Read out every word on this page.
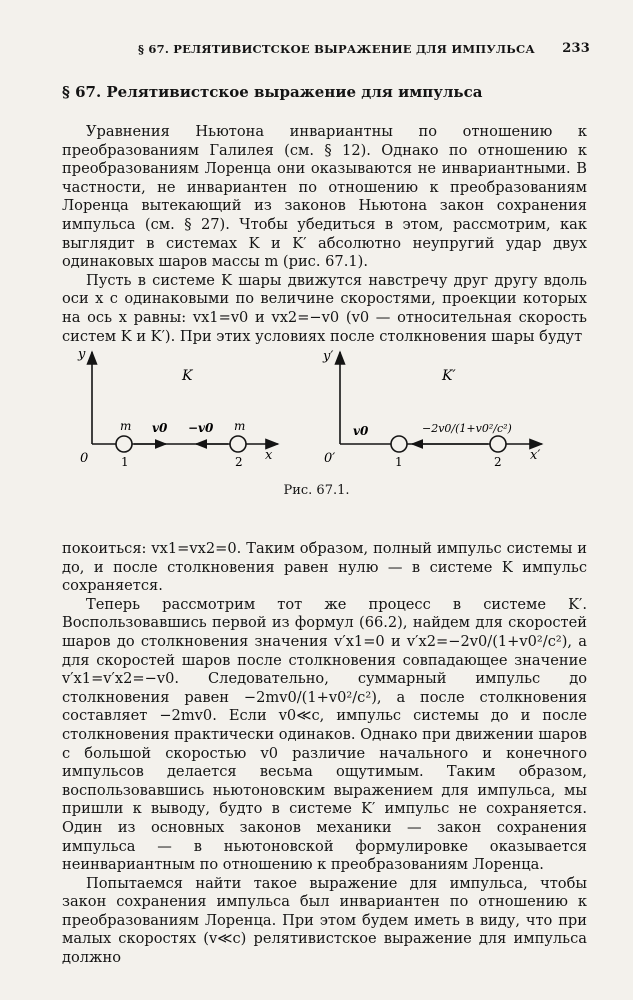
§ 67. РЕЛЯТИВИСТСКОЕ ВЫРАЖЕНИЕ ДЛЯ ИМПУЛЬСА 233
§ 67. Релятивистское выражение для импульса

Уравнения Ньютона инвариантны по отношению к преобразованиям Галилея (см. § 12). Однако по отношению к преобразованиям Лоренца они оказываются не инвариантными. В частности, не инвариантен по отношению к преобразованиям Лоренца вытекающий из законов Ньютона закон сохранения импульса (см. § 27). Чтобы убедиться в этом, рассмотрим, как выглядит в системах K и K′ абсолютно неупругий удар двух одинаковых шаров массы m (рис. 67.1).

Пусть в системе K шары движутся навстречу друг другу вдоль оси x с одинаковыми по величине скоростями, проекции которых на ось x равны: vx1=v0 и vx2=−v0 (v0 — относительная скорость систем K и K′). При этих условиях после столкновения шары будут

y
x
0
K
m	m
v0 −v0
1	2
y′
x′
0′
K′
v0	−2v0/(1+v0²/c²)
1	2
Рис. 67.1.

покоиться: vx1=vx2=0. Таким образом, полный импульс системы и до, и после столкновения равен нулю — в системе K импульс сохраняется.

Теперь рассмотрим тот же процесс в системе K′. Воспользовавшись первой из формул (66.2), найдем для скоростей шаров до столкновения значения v′x1=0 и v′x2=−2v0/(1+v0²/c²), а для скоростей шаров после столкновения совпадающее значение v′x1=v′x2=−v0. Следовательно, суммарный импульс до столкновения равен −2mv0/(1+v0²/c²), а после столкновения составляет −2mv0. Если v0≪c, импульс системы до и после столкновения практически одинаков. Однако при движении шаров с большой скоростью v0 различие начального и конечного импульсов делается весьма ощутимым. Таким образом, воспользовавшись ньютоновским выражением для импульса, мы пришли к выводу, будто в системе K′ импульс не сохраняется. Один из основных законов механики — закон сохранения импульса — в ньютоновской формулировке оказывается неинвариантным по отношению к преобразованиям Лоренца.

Попытаемся найти такое выражение для импульса, чтобы закон сохранения импульса был инвариантен по отношению к преобразованиям Лоренца. При этом будем иметь в виду, что при малых скоростях (v≪c) релятивистское выражение для импульса должно
